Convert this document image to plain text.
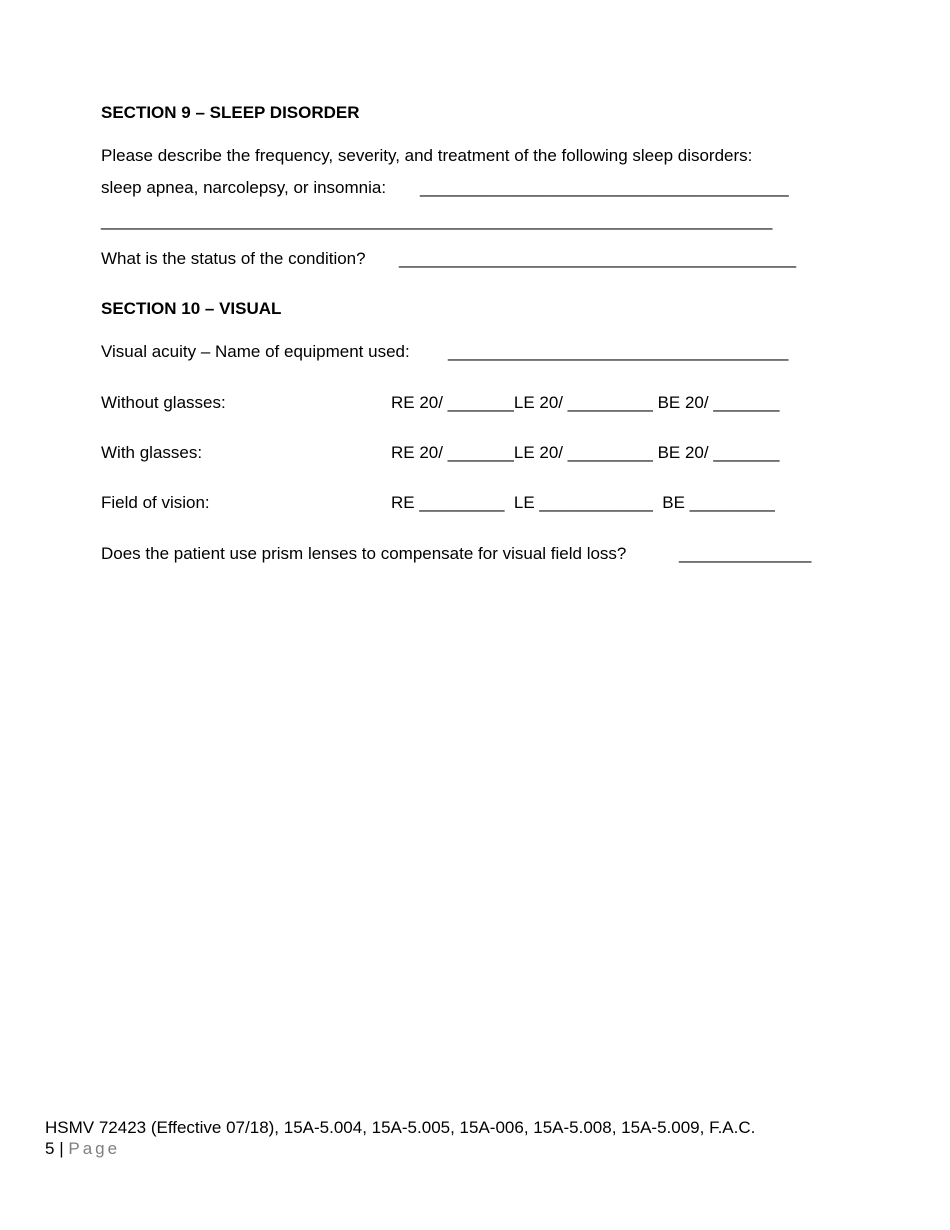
SECTION 9 – SLEEP DISORDER
Please describe the frequency, severity, and treatment of the following sleep disorders:
sleep apnea, narcolepsy, or insomnia: _______________________________________
_______________________________________________________________________
What is the status of the condition? __________________________________________
SECTION 10 – VISUAL
Visual acuity – Name of equipment used: ____________________________________
Without glasses:	RE 20/ _______LE 20/ _________ BE 20/ _______
With glasses:	RE 20/ _______LE 20/ _________ BE 20/ _______
Field of vision:	RE _________  LE ____________  BE _________
Does the patient use prism lenses to compensate for visual field loss?	______________
HSMV 72423 (Effective 07/18), 15A-5.004, 15A-5.005, 15A-006, 15A-5.008, 15A-5.009, F.A.C.
5 | Page
